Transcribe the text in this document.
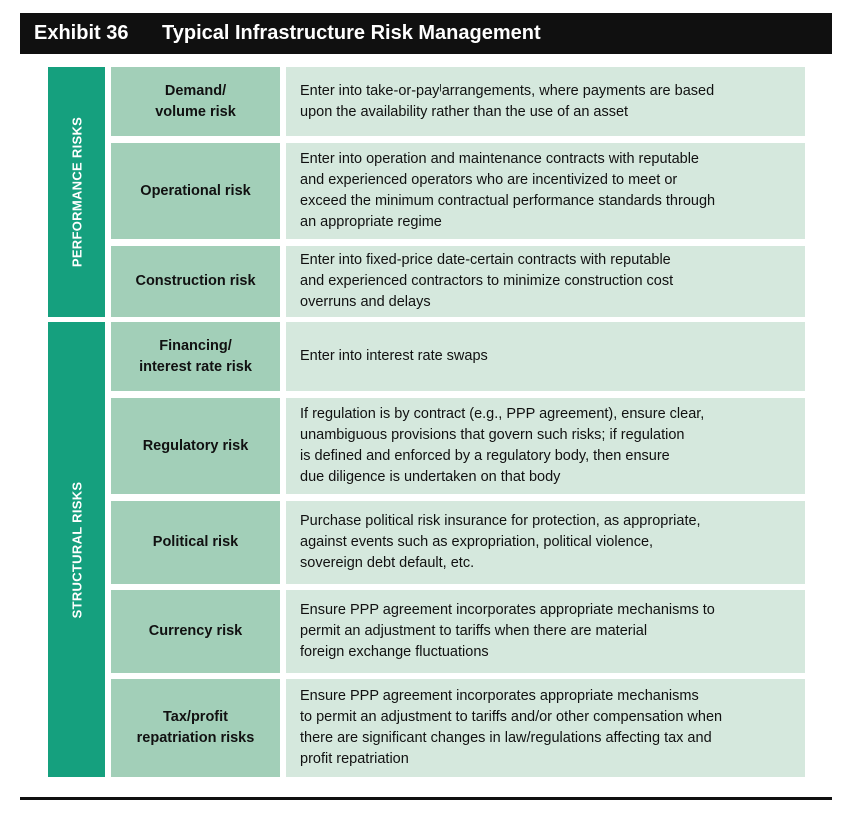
Exhibit 36	Typical Infrastructure Risk Management
PERFORMANCE RISKS
STRUCTURAL RISKS
Demand/
volume risk
Enter into take-or-payˡarrangements, where payments are based
upon the availability rather than the use of an asset
Operational risk
Enter into operation and maintenance contracts with reputable
and experienced operators who are incentivized to meet or
exceed the minimum contractual performance standards through
an appropriate regime
Construction risk
Enter into fixed-price date-certain contracts with reputable
and experienced contractors to minimize construction cost
overruns and delays
Financing/
interest rate risk
Enter into interest rate swaps
Regulatory risk
If regulation is by contract (e.g., PPP agreement), ensure clear,
unambiguous provisions that govern such risks; if regulation
is defined and enforced by a regulatory body, then ensure
due diligence is undertaken on that body
Political risk
Purchase political risk insurance for protection, as appropriate,
against events such as expropriation, political violence,
sovereign debt default, etc.
Currency risk
Ensure PPP agreement incorporates appropriate mechanisms to
permit an adjustment to tariffs when there are material
foreign exchange fluctuations
Tax/profit
repatriation risks
Ensure PPP agreement incorporates appropriate mechanisms
to permit an adjustment to tariffs and/or other compensation when
there are significant changes in law/regulations affecting tax and
profit repatriation
